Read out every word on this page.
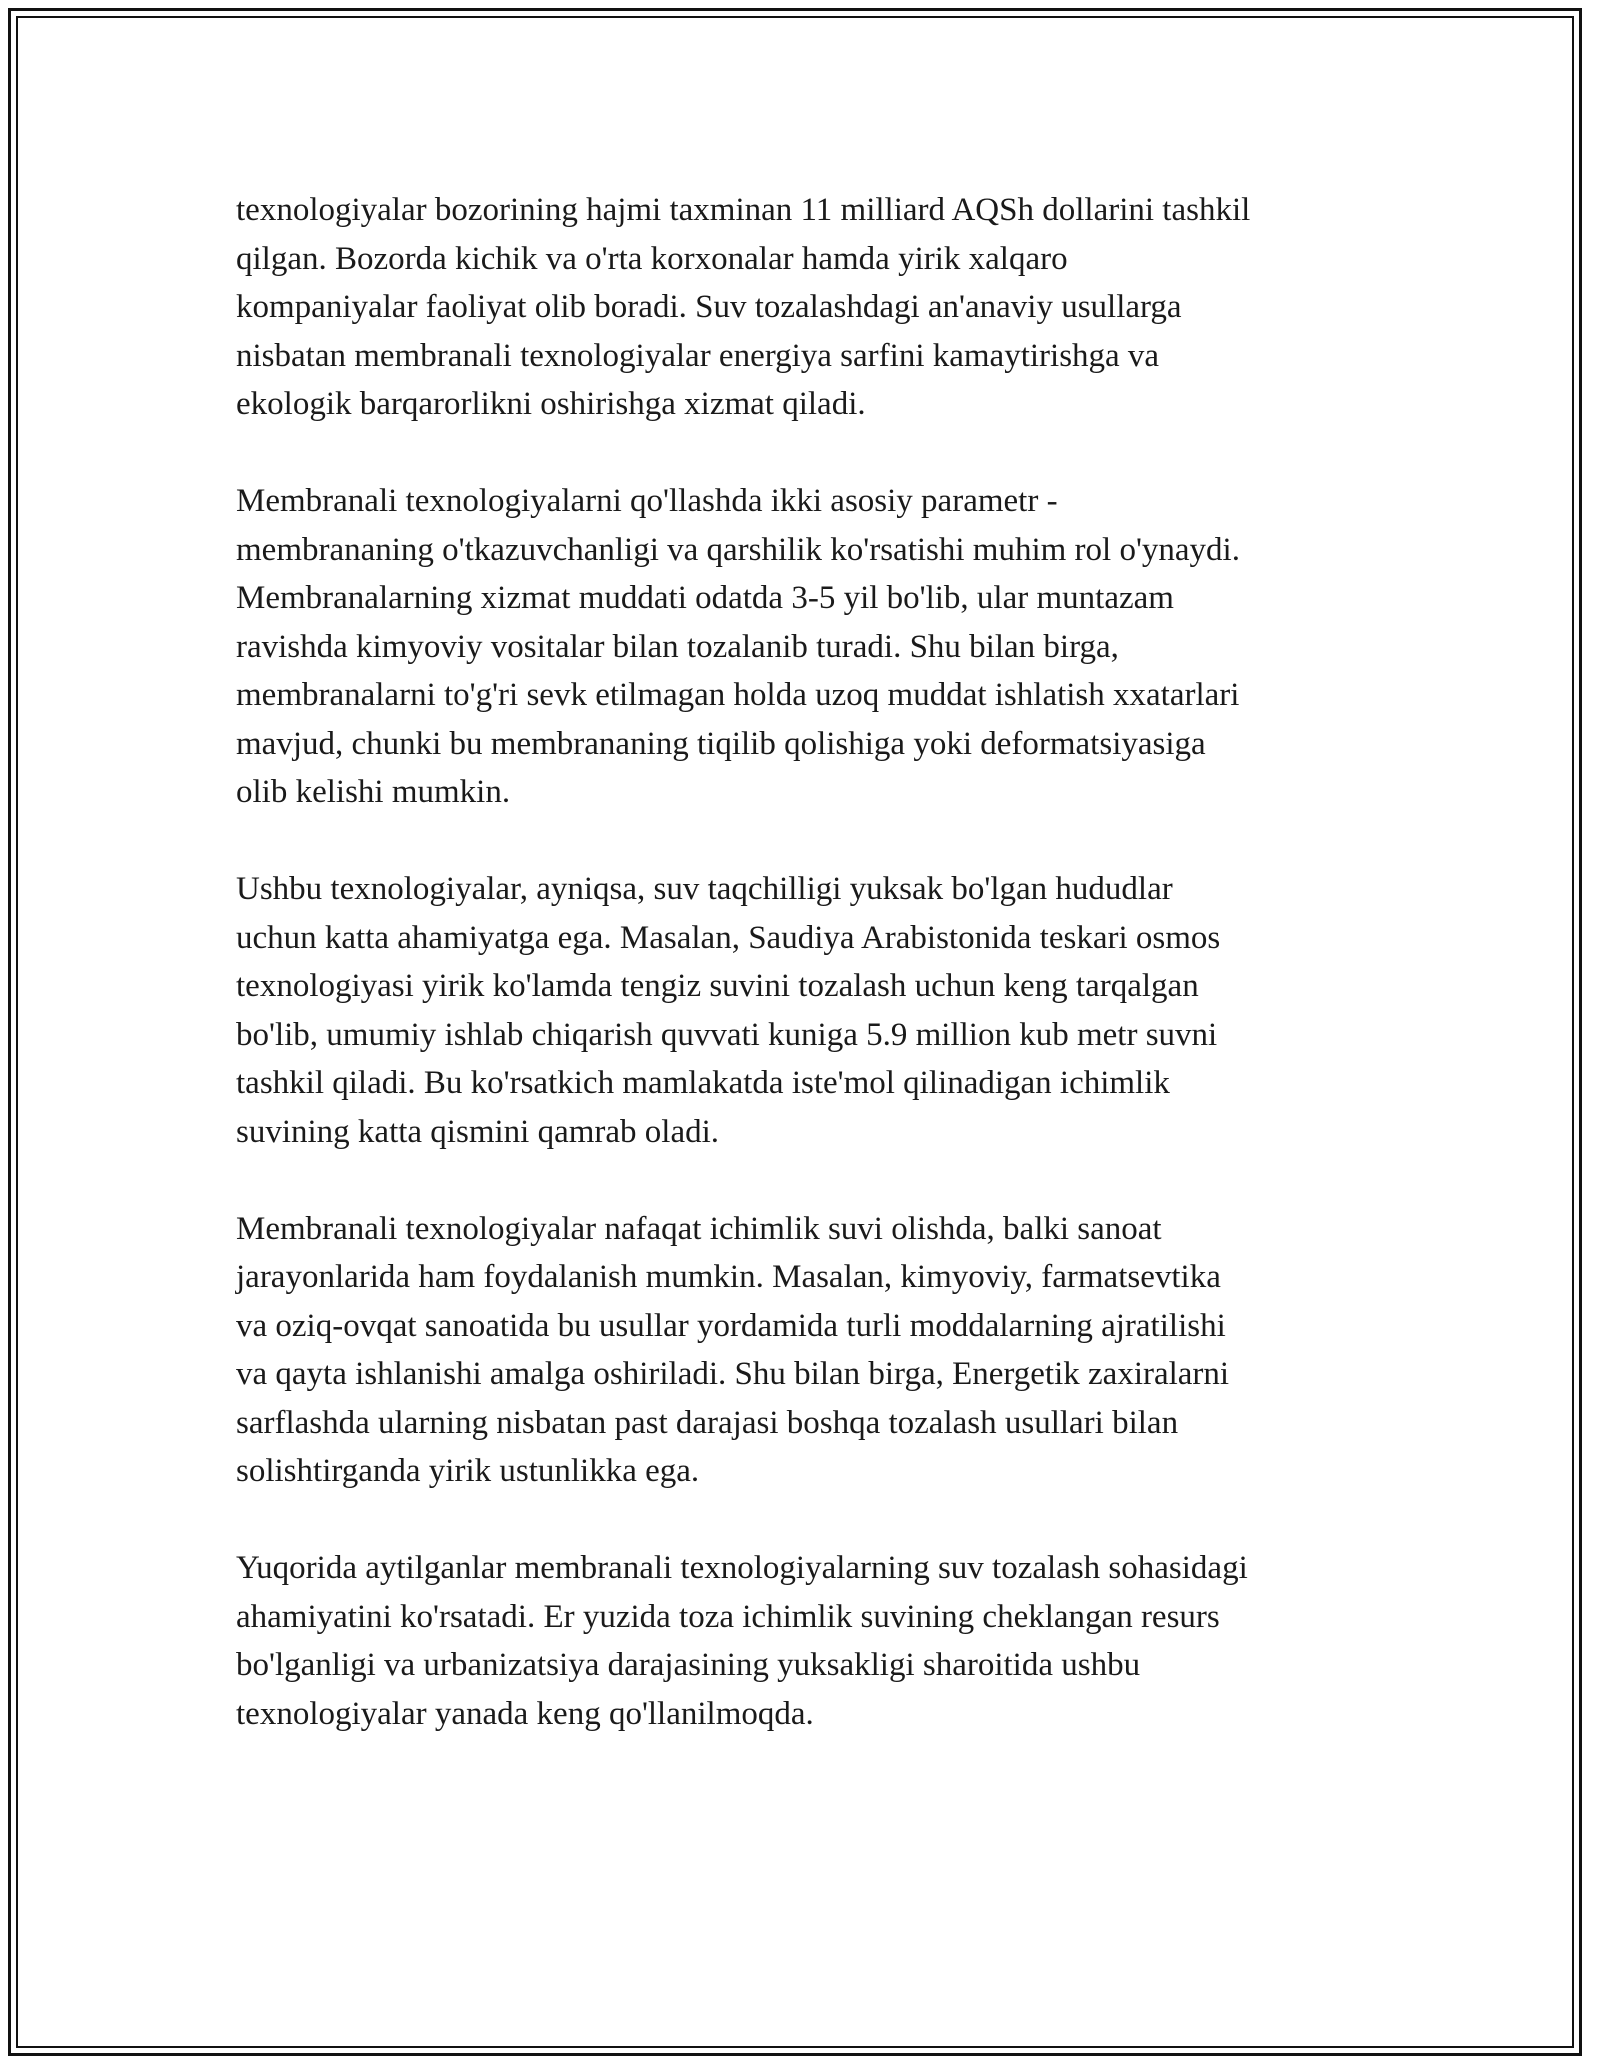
texnologiyalar bozorining hajmi taxminan 11 milliard AQSh dollarini tashkil
qilgan. Bozorda kichik va o'rta korxonalar hamda yirik xalqaro
kompaniyalar faoliyat olib boradi. Suv tozalashdagi an'anaviy usullarga
nisbatan membranali texnologiyalar energiya sarfini kamaytirishga va
ekologik barqarorlikni oshirishga xizmat qiladi.

Membranali texnologiyalarni qo'llashda ikki asosiy parametr -
membrananing o'tkazuvchanligi va qarshilik ko'rsatishi muhim rol o'ynaydi.
Membranalarning xizmat muddati odatda 3-5 yil bo'lib, ular muntazam
ravishda kimyoviy vositalar bilan tozalanib turadi. Shu bilan birga,
membranalarni to'g'ri sevk etilmagan holda uzoq muddat ishlatish xxatarlari
mavjud, chunki bu membrananing tiqilib qolishiga yoki deformatsiyasiga
olib kelishi mumkin.

Ushbu texnologiyalar, ayniqsa, suv taqchilligi yuksak bo'lgan hududlar
uchun katta ahamiyatga ega. Masalan, Saudiya Arabistonida teskari osmos
texnologiyasi yirik ko'lamda tengiz suvini tozalash uchun keng tarqalgan
bo'lib, umumiy ishlab chiqarish quvvati kuniga 5.9 million kub metr suvni
tashkil qiladi. Bu ko'rsatkich mamlakatda iste'mol qilinadigan ichimlik
suvining katta qismini qamrab oladi.

Membranali texnologiyalar nafaqat ichimlik suvi olishda, balki sanoat
jarayonlarida ham foydalanish mumkin. Masalan, kimyoviy, farmatsevtika
va oziq-ovqat sanoatida bu usullar yordamida turli moddalarning ajratilishi
va qayta ishlanishi amalga oshiriladi. Shu bilan birga, Energetik zaxiralarni
sarflashda ularning nisbatan past darajasi boshqa tozalash usullari bilan
solishtirganda yirik ustunlikka ega.

Yuqorida aytilganlar membranali texnologiyalarning suv tozalash sohasidagi
ahamiyatini ko'rsatadi. Er yuzida toza ichimlik suvining cheklangan resurs
bo'lganligi va urbanizatsiya darajasining yuksakligi sharoitida ushbu
texnologiyalar yanada keng qo'llanilmoqda.
